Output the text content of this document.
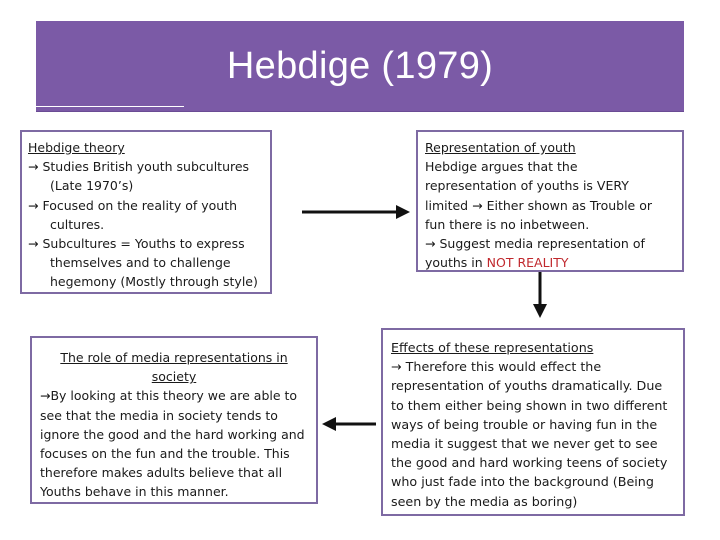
Hebdige (1979)
Hebdige theory
→ Studies British youth subcultures
(Late 1970’s)
→ Focused on the reality of youth
cultures.
→ Subcultures = Youths to express
themselves and to challenge
hegemony (Mostly through style)
Representation of youth
Hebdige argues that the
representation of youths is VERY
limited → Either shown as Trouble or
fun there is no inbetween.
→ Suggest media representation of
youths in NOT REALITY
The role of media representations in
society
→By looking at this theory we are able to
see that the media in society tends to
ignore the good and the hard working and
focuses on the fun and the trouble. This
therefore makes adults believe that all
Youths behave in this manner.
Effects of these representations
→ Therefore this would effect the
representation of youths dramatically. Due
to them either being shown in two different
ways of being trouble or having fun in the
media it suggest that we never get to see
the good and hard working teens of society
who just fade into the background (Being
seen by the media as boring)
